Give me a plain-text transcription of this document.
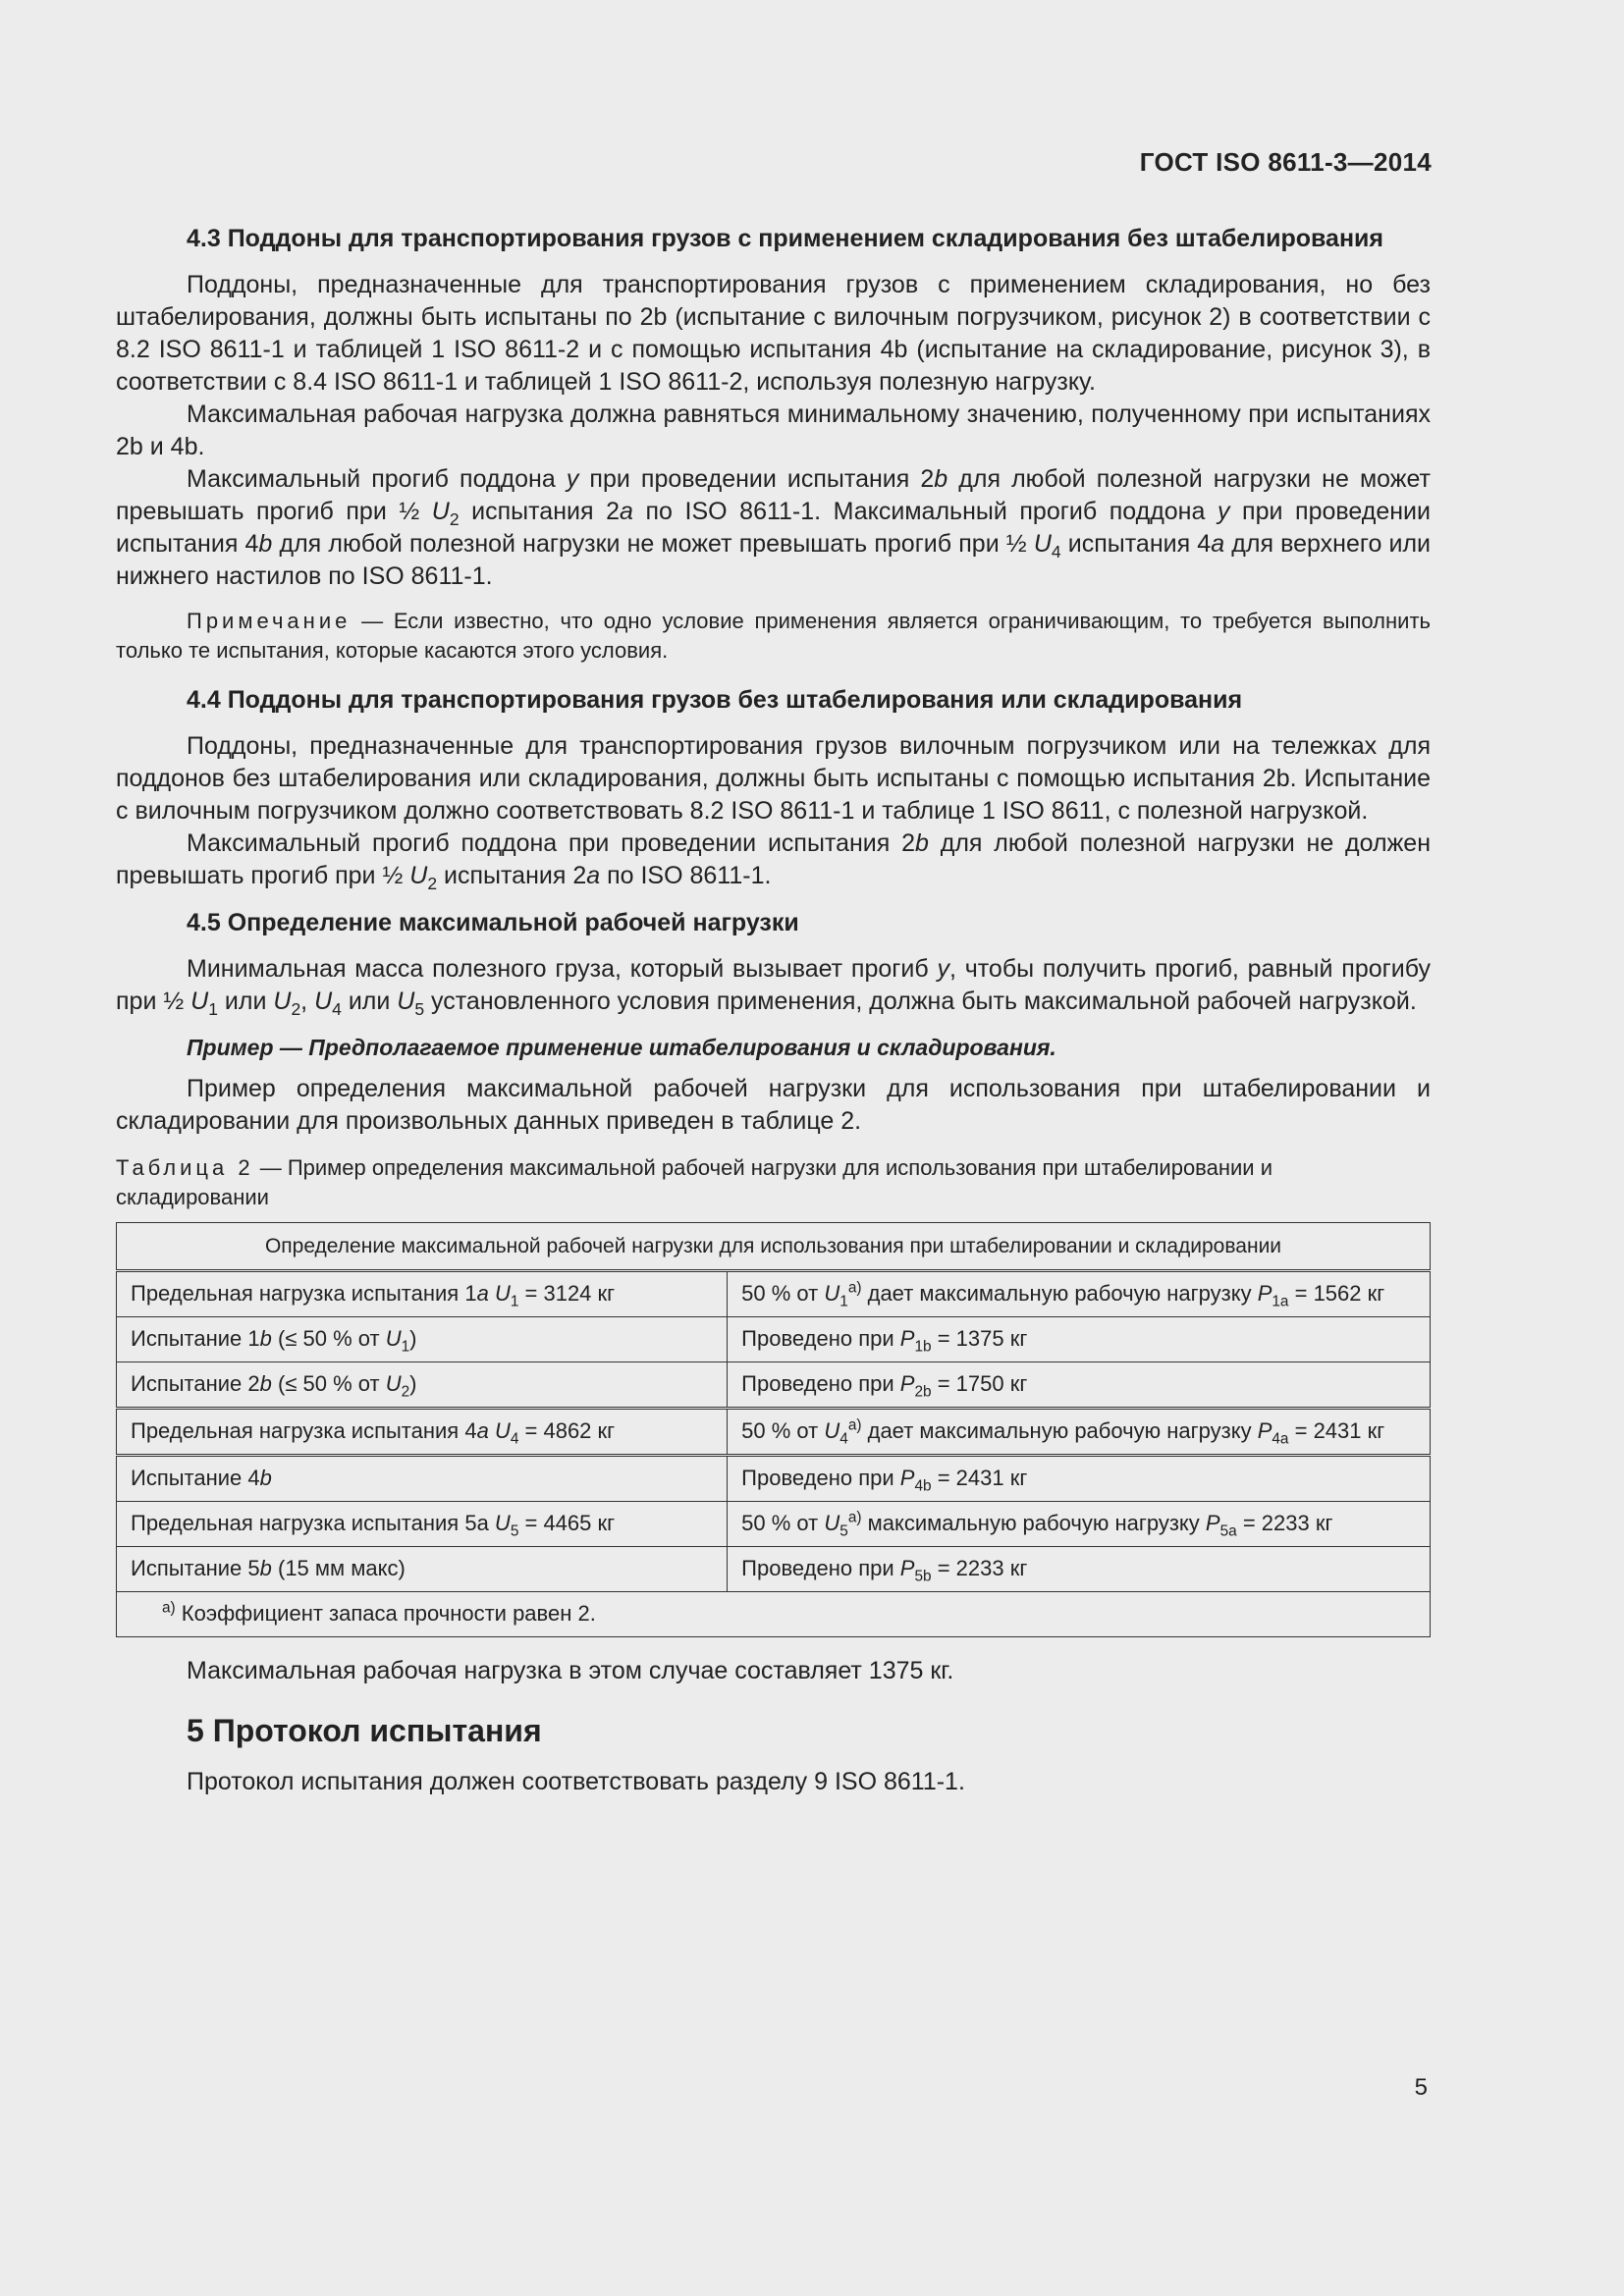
ГОСТ ISO 8611-3—2014
4.3 Поддоны для транспортирования грузов с применением складирования без штабелирования

Поддоны, предназначенные для транспортирования грузов с применением складирования, но без штабелирования, должны быть испытаны по 2b (испытание с вилочным погрузчиком, рисунок 2) в соответствии с 8.2 ISO 8611-1 и таблицей 1 ISO 8611-2 и с помощью испытания 4b (испытание на складирование, рисунок 3), в соответствии с 8.4 ISO 8611-1 и таблицей 1 ISO 8611-2, используя полезную нагрузку.

Максимальная рабочая нагрузка должна равняться минимальному значению, полученному при испытаниях 2b и 4b.

Максимальный прогиб поддона y при проведении испытания 2b для любой полезной нагрузки не может превышать прогиб при ½ $U_2$ испытания 2a по ISO 8611-1. Максимальный прогиб поддона y при проведении испытания 4b для любой полезной нагрузки не может превышать прогиб при ½ $U_4$ испытания 4a для верхнего или нижнего настилов по ISO 8611-1.

Примечание — Если известно, что одно условие применения является ограничивающим, то требуется выполнить только те испытания, которые касаются этого условия.

4.4 Поддоны для транспортирования грузов без штабелирования или складирования

Поддоны, предназначенные для транспортирования грузов вилочным погрузчиком или на тележках для поддонов без штабелирования или складирования, должны быть испытаны с помощью испытания 2b. Испытание с вилочным погрузчиком должно соответствовать 8.2 ISO 8611-1 и таблице 1 ISO 8611, с полезной нагрузкой.

Максимальный прогиб поддона при проведении испытания 2b для любой полезной нагрузки не должен превышать прогиб при ½ $U_2$ испытания 2a по ISO 8611-1.

4.5 Определение максимальной рабочей нагрузки

Минимальная масса полезного груза, который вызывает прогиб y, чтобы получить прогиб, равный прогибу при ½ $U_1$ или $U_2$, $U_4$ или $U_5$ установленного условия применения, должна быть максимальной рабочей нагрузкой.

Пример — Предполагаемое применение штабелирования и складирования.

Пример определения максимальной рабочей нагрузки для использования при штабелировании и складировании для произвольных данных приведен в таблице 2.

Таблица 2 — Пример определения максимальной рабочей нагрузки для использования при штабелировании и складировании
Определение максимальной рабочей нагрузки для использования при штабелировании и складировании	
Предельная нагрузка испытания 1a $U_1 = 3124$ кг	50 % от $U_1^{а)}$ дает максимальную рабочую нагрузку $P_{1a} = 1562$ кг
Испытание 1b (≤ 50 % от $U_1$)	Проведено при $P_{1b} = 1375$ кг
Испытание 2b (≤ 50 % от $U_2$)	Проведено при $P_{2b} = 1750$ кг
Предельная нагрузка испытания 4a $U_4 = 4862$ кг	50 % от $U_4^{а)}$ дает максимальную рабочую нагрузку $P_{4a} = 2431$ кг
Испытание 4b	Проведено при $P_{4b} = 2431$ кг
Предельная нагрузка испытания 5a $U_5 = 4465$ кг	50 % от $U_5^{а)}$ максимальную рабочую нагрузку $P_{5a} = 2233$ кг
Испытание 5b (15 мм макс)	Проведено при $P_{5b} = 2233$ кг
$^{а)}$ Коэффициент запаса прочности равен 2.	

Максимальная рабочая нагрузка в этом случае составляет 1375 кг.

5 Протокол испытания

Протокол испытания должен соответствовать разделу 9 ISO 8611-1.

5
